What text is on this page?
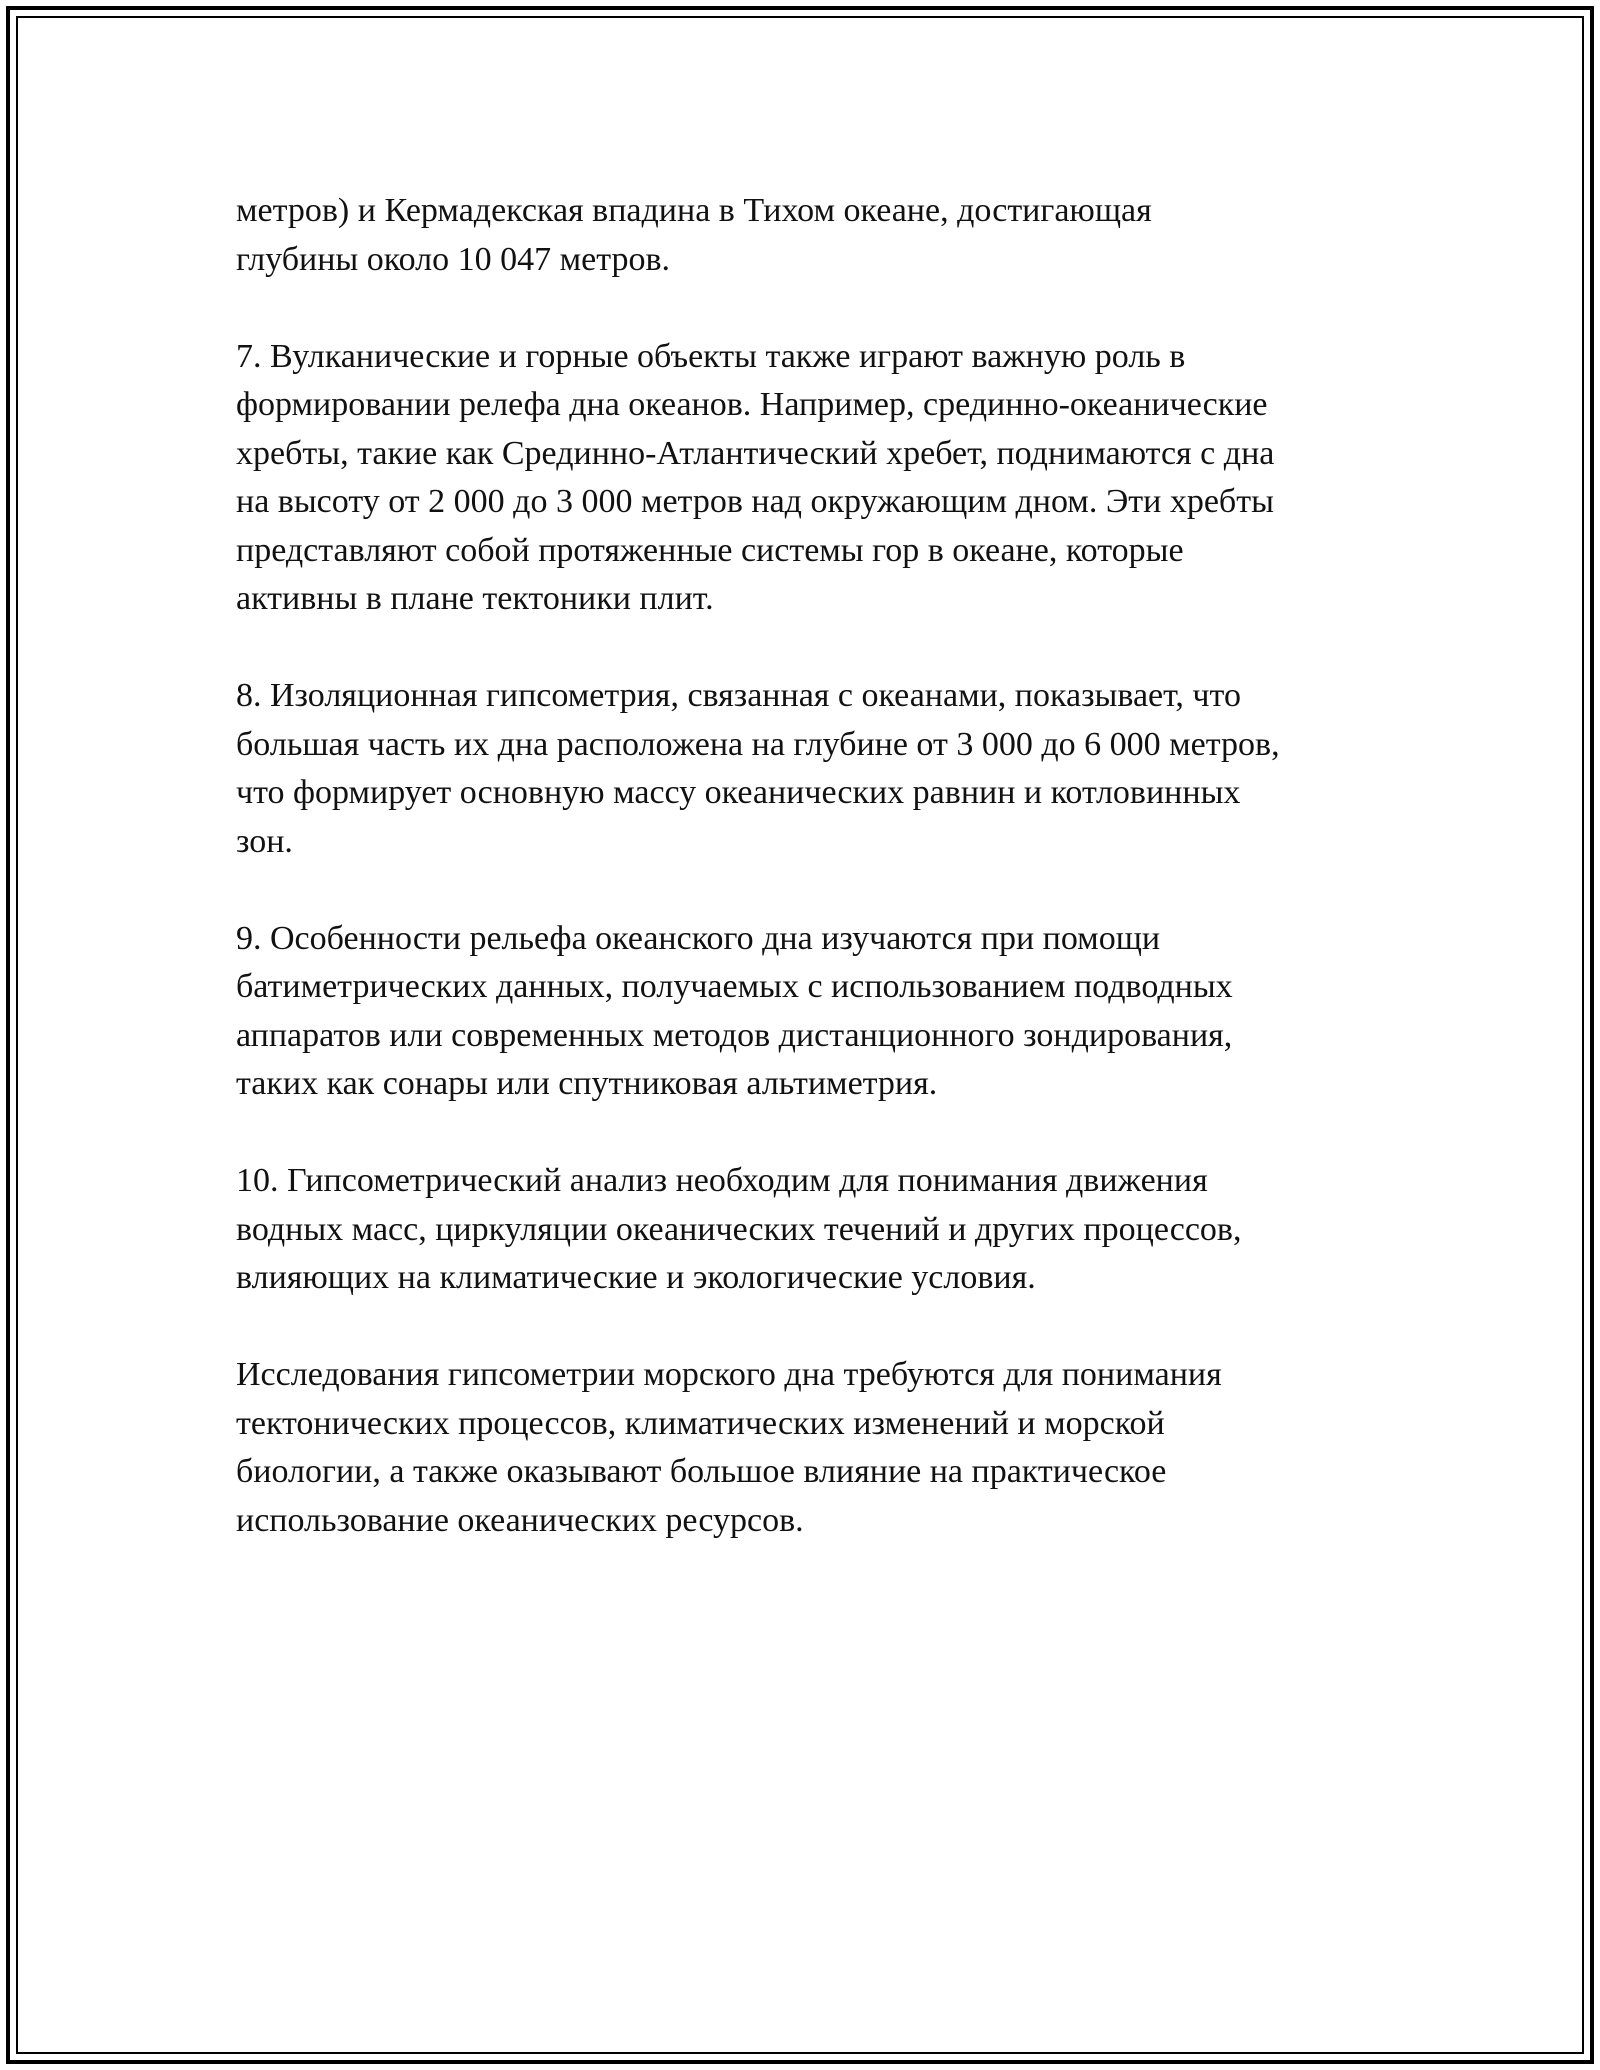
метров) и Кермадекская впадина в Тихом океане, достигающая
глубины около 10 047 метров.

7. Вулканические и горные объекты также играют важную роль в
формировании релефа дна океанов. Например, срединно-океанические
хребты, такие как Срединно-Атлантический хребет, поднимаются с дна
на высоту от 2 000 до 3 000 метров над окружающим дном. Эти хребты
представляют собой протяженные системы гор в океане, которые
активны в плане тектоники плит.

8. Изоляционная гипсометрия, связанная с океанами, показывает, что
большая часть их дна расположена на глубине от 3 000 до 6 000 метров,
что формирует основную массу океанических равнин и котловинных
зон.

9. Особенности рельефа океанского дна изучаются при помощи
батиметрических данных, получаемых с использованием подводных
аппаратов или современных методов дистанционного зондирования,
таких как сонары или спутниковая альтиметрия.

10. Гипсометрический анализ необходим для понимания движения
водных масс, циркуляции океанических течений и других процессов,
влияющих на климатические и экологические условия.

Исследования гипсометрии морского дна требуются для понимания
тектонических процессов, климатических изменений и морской
биологии, а также оказывают большое влияние на практическое
использование океанических ресурсов.
